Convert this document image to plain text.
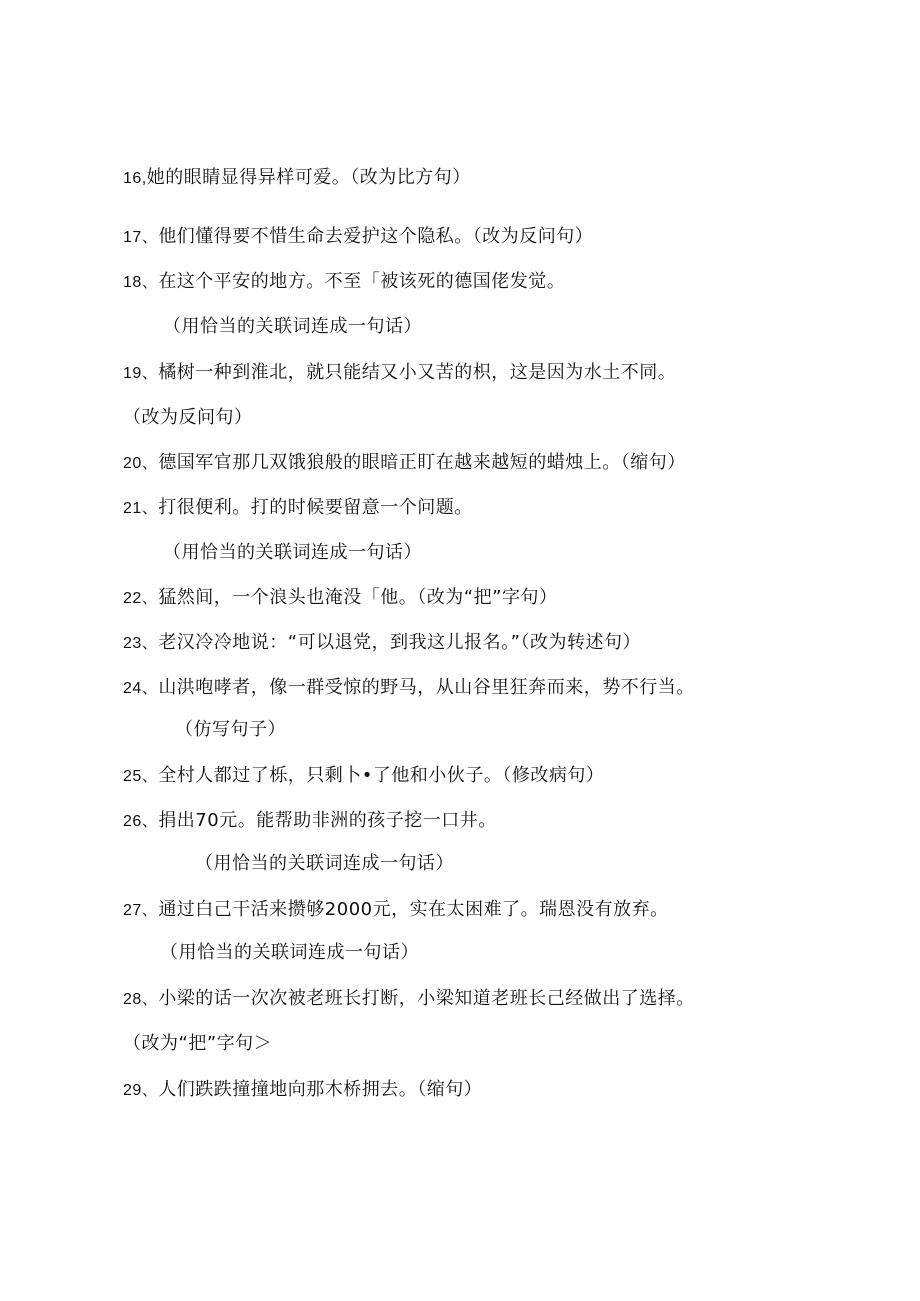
16,她的眼睛显得异样可爱。（改为比方句）
17、他们懂得要不惜生命去爱护这个隐私。（改为反问句）
18、在这个平安的地方。不至「被该死的德国佬发觉。
（用恰当的关联词连成一句话）
19、橘树一种到淮北，就只能结又小又苦的枳，这是因为水土不同。
（改为反问句）
20、德国军官那几双饿狼般的眼暗正盯在越来越短的蜡烛上。（缩句）
21、打很便利。打的时候要留意一个问题。
（用恰当的关联词连成一句话）
22、猛然间，一个浪头也淹没「他。（改为“把”字句）
23、老汉冷冷地说：“可以退党，到我这儿报名。”（改为转述句）
24、山洪咆哮者，像一群受惊的野马，从山谷里狂奔而来，势不行当。
（仿写句子）
25、全村人都过了栎，只剩卜•了他和小伙子。（修改病句）
26、捐出70元。能帮助非洲的孩子挖一口井。
（用恰当的关联词连成一句话）
27、通过白己干活来攒够2000元，实在太困难了。瑞恩没有放弃。
（用恰当的关联词连成一句话）
28、小梁的话一次次被老班长打断，小梁知道老班长己经做出了选择。
（改为“把”字句＞
29、人们跌跌撞撞地向那木桥拥去。（缩句）
